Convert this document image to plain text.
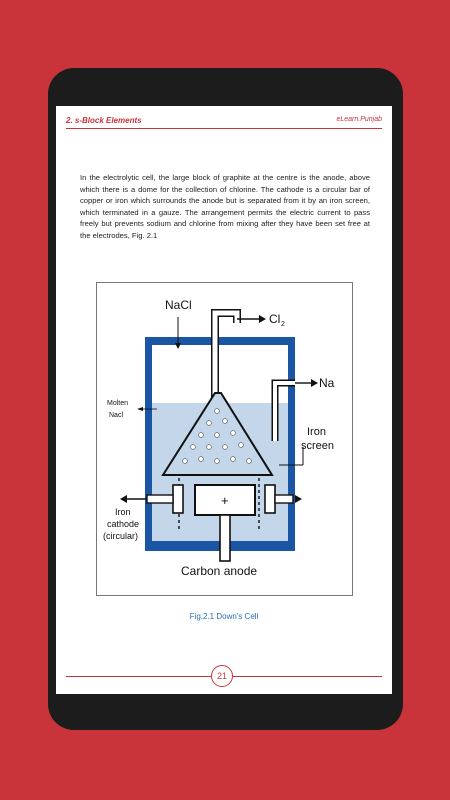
2. s-Block Elements	eLearn.Punjab
In the electrolytic cell, the large block of graphite at the centre is the anode, above which there is a dome for the collection of chlorine. The cathode is a circular bar of copper or iron which surrounds the anode but is separated from it by an iron screen, which terminated in a gauze. The arrangement permits the electric current to pass freely but prevents sodium and chlorine from mixing after they have been set free at the electrodes, Fig. 2.1
NaCl
Cl 2
Na
Molten
Nacl
Iron
screen
Iron
cathode
(circular)
+
Carbon anode
Fig.2.1 Down's Cell
21
